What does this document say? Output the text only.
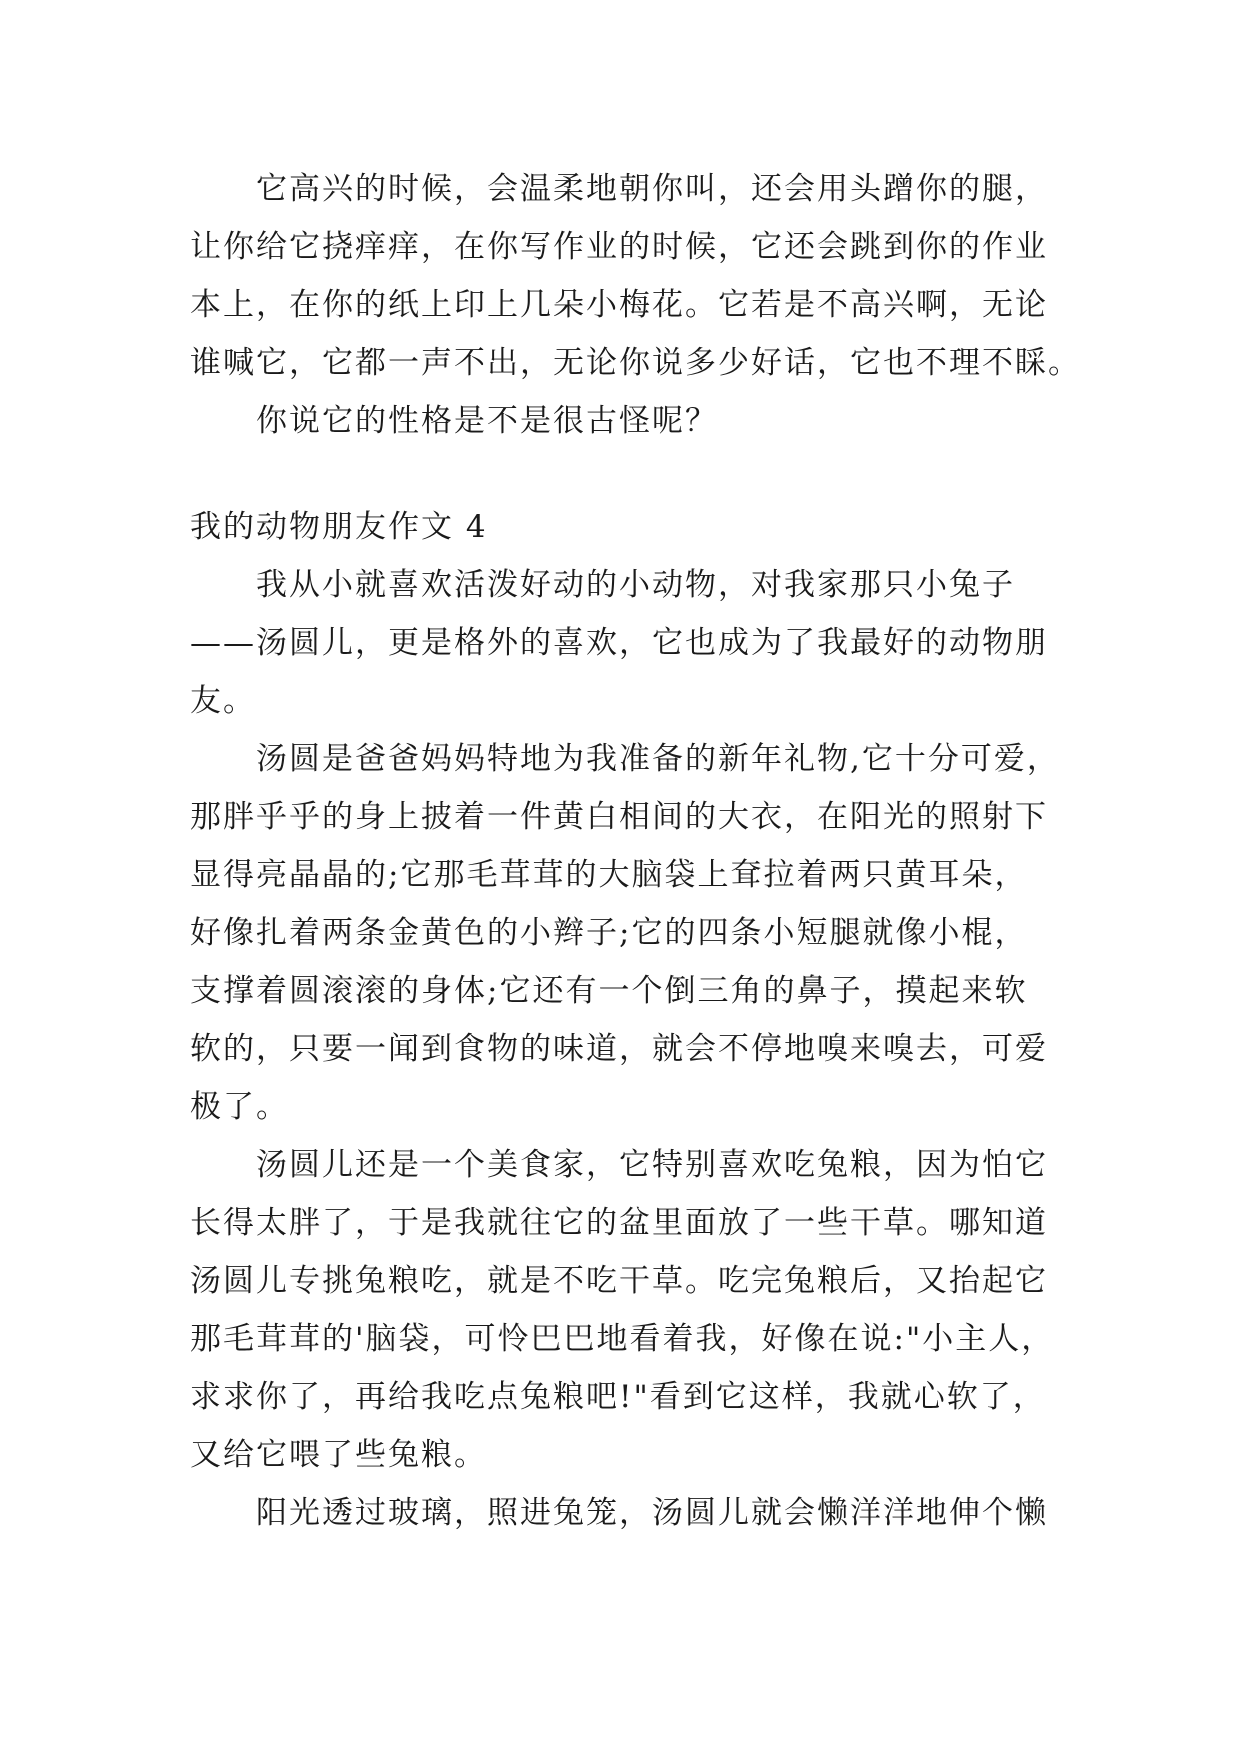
它高兴的时候，会温柔地朝你叫，还会用头蹭你的腿，
让你给它挠痒痒，在你写作业的时候，它还会跳到你的作业
本上，在你的纸上印上几朵小梅花。它若是不高兴啊，无论
谁喊它，它都一声不出，无论你说多少好话，它也不理不睬。
你说它的性格是不是很古怪呢？
我的动物朋友作文 4
我从小就喜欢活泼好动的小动物，对我家那只小兔子
——汤圆儿，更是格外的喜欢，它也成为了我最好的动物朋
友。
汤圆是爸爸妈妈特地为我准备的新年礼物,它十分可爱，
那胖乎乎的身上披着一件黄白相间的大衣，在阳光的照射下
显得亮晶晶的;它那毛茸茸的大脑袋上耷拉着两只黄耳朵，
好像扎着两条金黄色的小辫子;它的四条小短腿就像小棍，
支撑着圆滚滚的身体;它还有一个倒三角的鼻子，摸起来软
软的，只要一闻到食物的味道，就会不停地嗅来嗅去，可爱
极了。
汤圆儿还是一个美食家，它特别喜欢吃兔粮，因为怕它
长得太胖了，于是我就往它的盆里面放了一些干草。哪知道
汤圆儿专挑兔粮吃，就是不吃干草。吃完兔粮后，又抬起它
那毛茸茸的'脑袋，可怜巴巴地看着我，好像在说:"小主人，
求求你了，再给我吃点兔粮吧!"看到它这样，我就心软了，
又给它喂了些兔粮。
阳光透过玻璃，照进兔笼，汤圆儿就会懒洋洋地伸个懒
